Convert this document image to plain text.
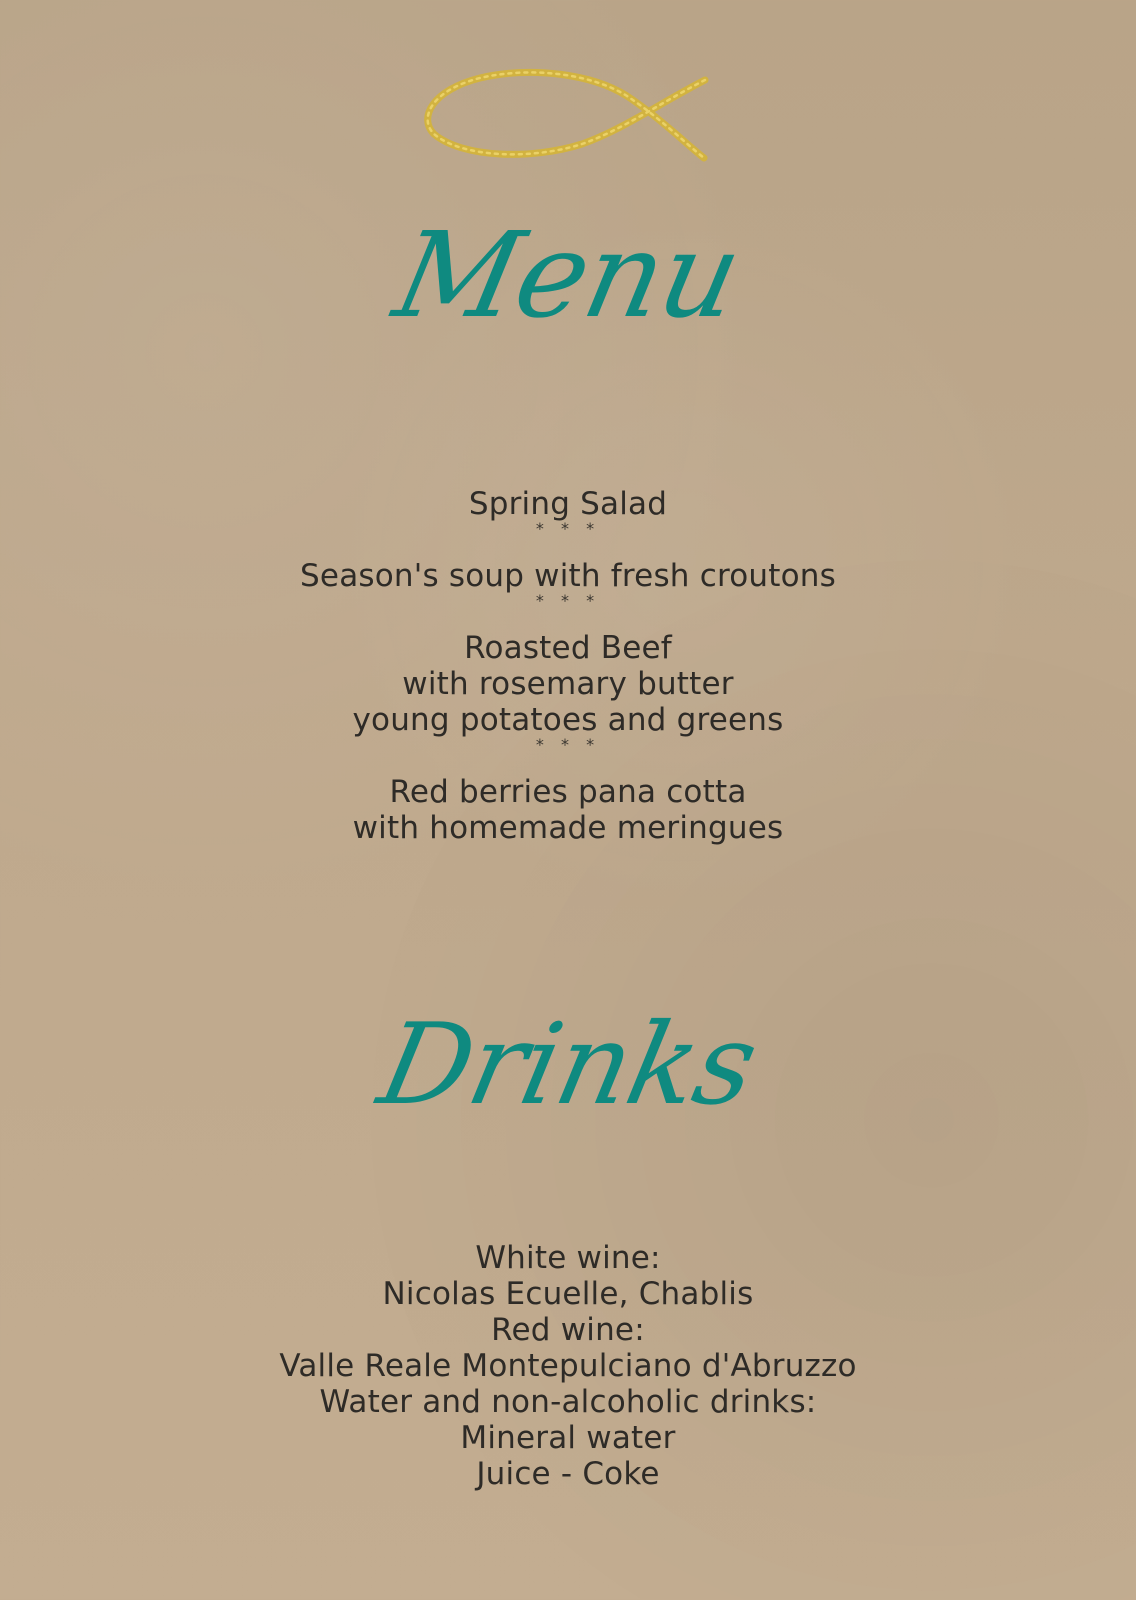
Menu
Spring Salad
* * *
Season's soup with fresh croutons
* * *
Roasted Beef
with rosemary butter
young potatoes and greens
* * *
Red berries pana cotta
with homemade meringues
Drinks
White wine:
Nicolas Ecuelle, Chablis
Red wine:
Valle Reale Montepulciano d'Abruzzo
Water and non-alcoholic drinks:
Mineral water
Juice - Coke
